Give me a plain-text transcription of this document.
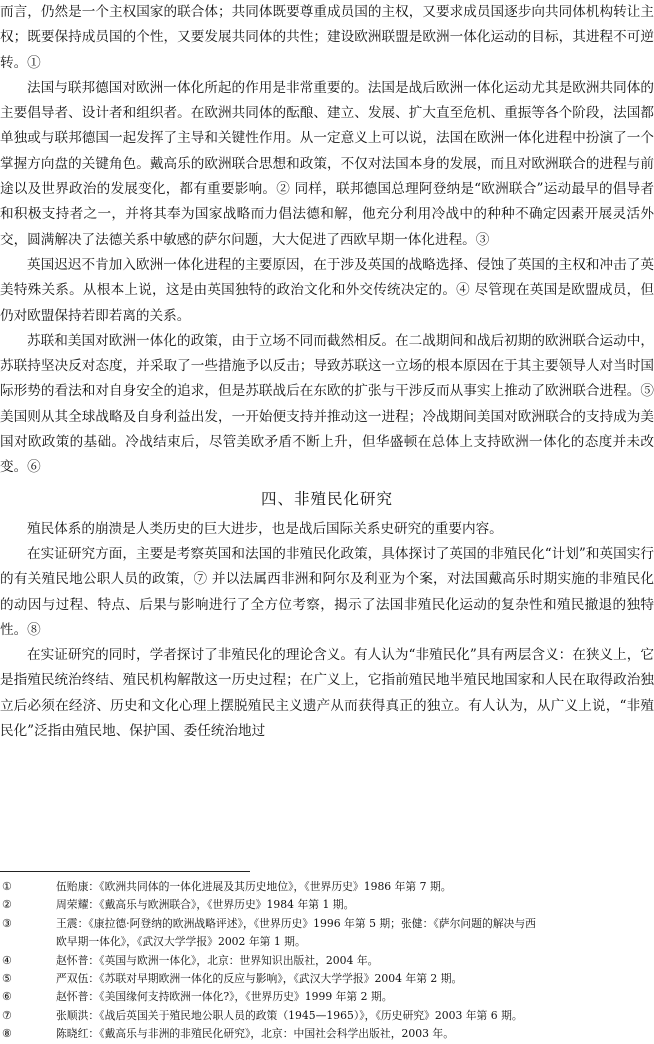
而言，仍然是一个主权国家的联合体；共同体既要尊重成员国的主权，又要求成员国逐步向共同体机构转让主权；既要保持成员国的个性，又要发展共同体的共性；建设欧洲联盟是欧洲一体化运动的目标，其进程不可逆转。①

法国与联邦德国对欧洲一体化所起的作用是非常重要的。法国是战后欧洲一体化运动尤其是欧洲共同体的主要倡导者、设计者和组织者。在欧洲共同体的酝酿、建立、发展、扩大直至危机、重振等各个阶段，法国都单独或与联邦德国一起发挥了主导和关键性作用。从一定意义上可以说，法国在欧洲一体化进程中扮演了一个掌握方向盘的关键角色。戴高乐的欧洲联合思想和政策，不仅对法国本身的发展，而且对欧洲联合的进程与前途以及世界政治的发展变化，都有重要影响。② 同样，联邦德国总理阿登纳是“欧洲联合”运动最早的倡导者和积极支持者之一，并将其奉为国家战略而力倡法德和解，他充分利用冷战中的种种不确定因素开展灵活外交，圆满解决了法德关系中敏感的萨尔问题，大大促进了西欧早期一体化进程。③

英国迟迟不肯加入欧洲一体化进程的主要原因，在于涉及英国的战略选择、侵蚀了英国的主权和冲击了英美特殊关系。从根本上说，这是由英国独特的政治文化和外交传统决定的。④ 尽管现在英国是欧盟成员，但仍对欧盟保持若即若离的关系。

苏联和美国对欧洲一体化的政策，由于立场不同而截然相反。在二战期间和战后初期的欧洲联合运动中，苏联持坚决反对态度，并采取了一些措施予以反击；导致苏联这一立场的根本原因在于其主要领导人对当时国际形势的看法和对自身安全的追求，但是苏联战后在东欧的扩张与干涉反而从事实上推动了欧洲联合进程。⑤ 美国则从其全球战略及自身利益出发，一开始便支持并推动这一进程；冷战期间美国对欧洲联合的支持成为美国对欧政策的基础。冷战结束后，尽管美欧矛盾不断上升，但华盛顿在总体上支持欧洲一体化的态度并未改变。⑥

四、非殖民化研究

殖民体系的崩溃是人类历史的巨大进步，也是战后国际关系史研究的重要内容。

在实证研究方面，主要是考察英国和法国的非殖民化政策，具体探讨了英国的非殖民化“计划”和英国实行的有关殖民地公职人员的政策，⑦ 并以法属西非洲和阿尔及利亚为个案，对法国戴高乐时期实施的非殖民化的动因与过程、特点、后果与影响进行了全方位考察，揭示了法国非殖民化运动的复杂性和殖民撤退的独特性。⑧

在实证研究的同时，学者探讨了非殖民化的理论含义。有人认为“非殖民化”具有两层含义：在狭义上，它是指殖民统治终结、殖民机构解散这一历史过程；在广义上，它指前殖民地半殖民地国家和人民在取得政治独立后必须在经济、历史和文化心理上摆脱殖民主义遗产从而获得真正的独立。有人认为，从广义上说，“非殖民化”泛指由殖民地、保护国、委任统治地过

①	伍贻康：《欧洲共同体的一体化进展及其历史地位》，《世界历史》1986 年第 7 期。
②	周荣耀：《戴高乐与欧洲联合》，《世界历史》1984 年第 1 期。
③	王震：《康拉德·阿登纳的欧洲战略评述》，《世界历史》1996 年第 5 期；张健：《萨尔问题的解决与西
欧早期一体化》，《武汉大学学报》2002 年第 1 期。
④	赵怀普：《英国与欧洲一体化》，北京：世界知识出版社，2004 年。
⑤	严双伍：《苏联对早期欧洲一体化的反应与影响》，《武汉大学学报》2004 年第 2 期。
⑥	赵怀普：《美国缘何支持欧洲一体化?》，《世界历史》1999 年第 2 期。
⑦	张顺洪：《战后英国关于殖民地公职人员的政策（1945—1965）》，《历史研究》2003 年第 6 期。
⑧	陈晓红：《戴高乐与非洲的非殖民化研究》，北京：中国社会科学出版社，2003 年。
